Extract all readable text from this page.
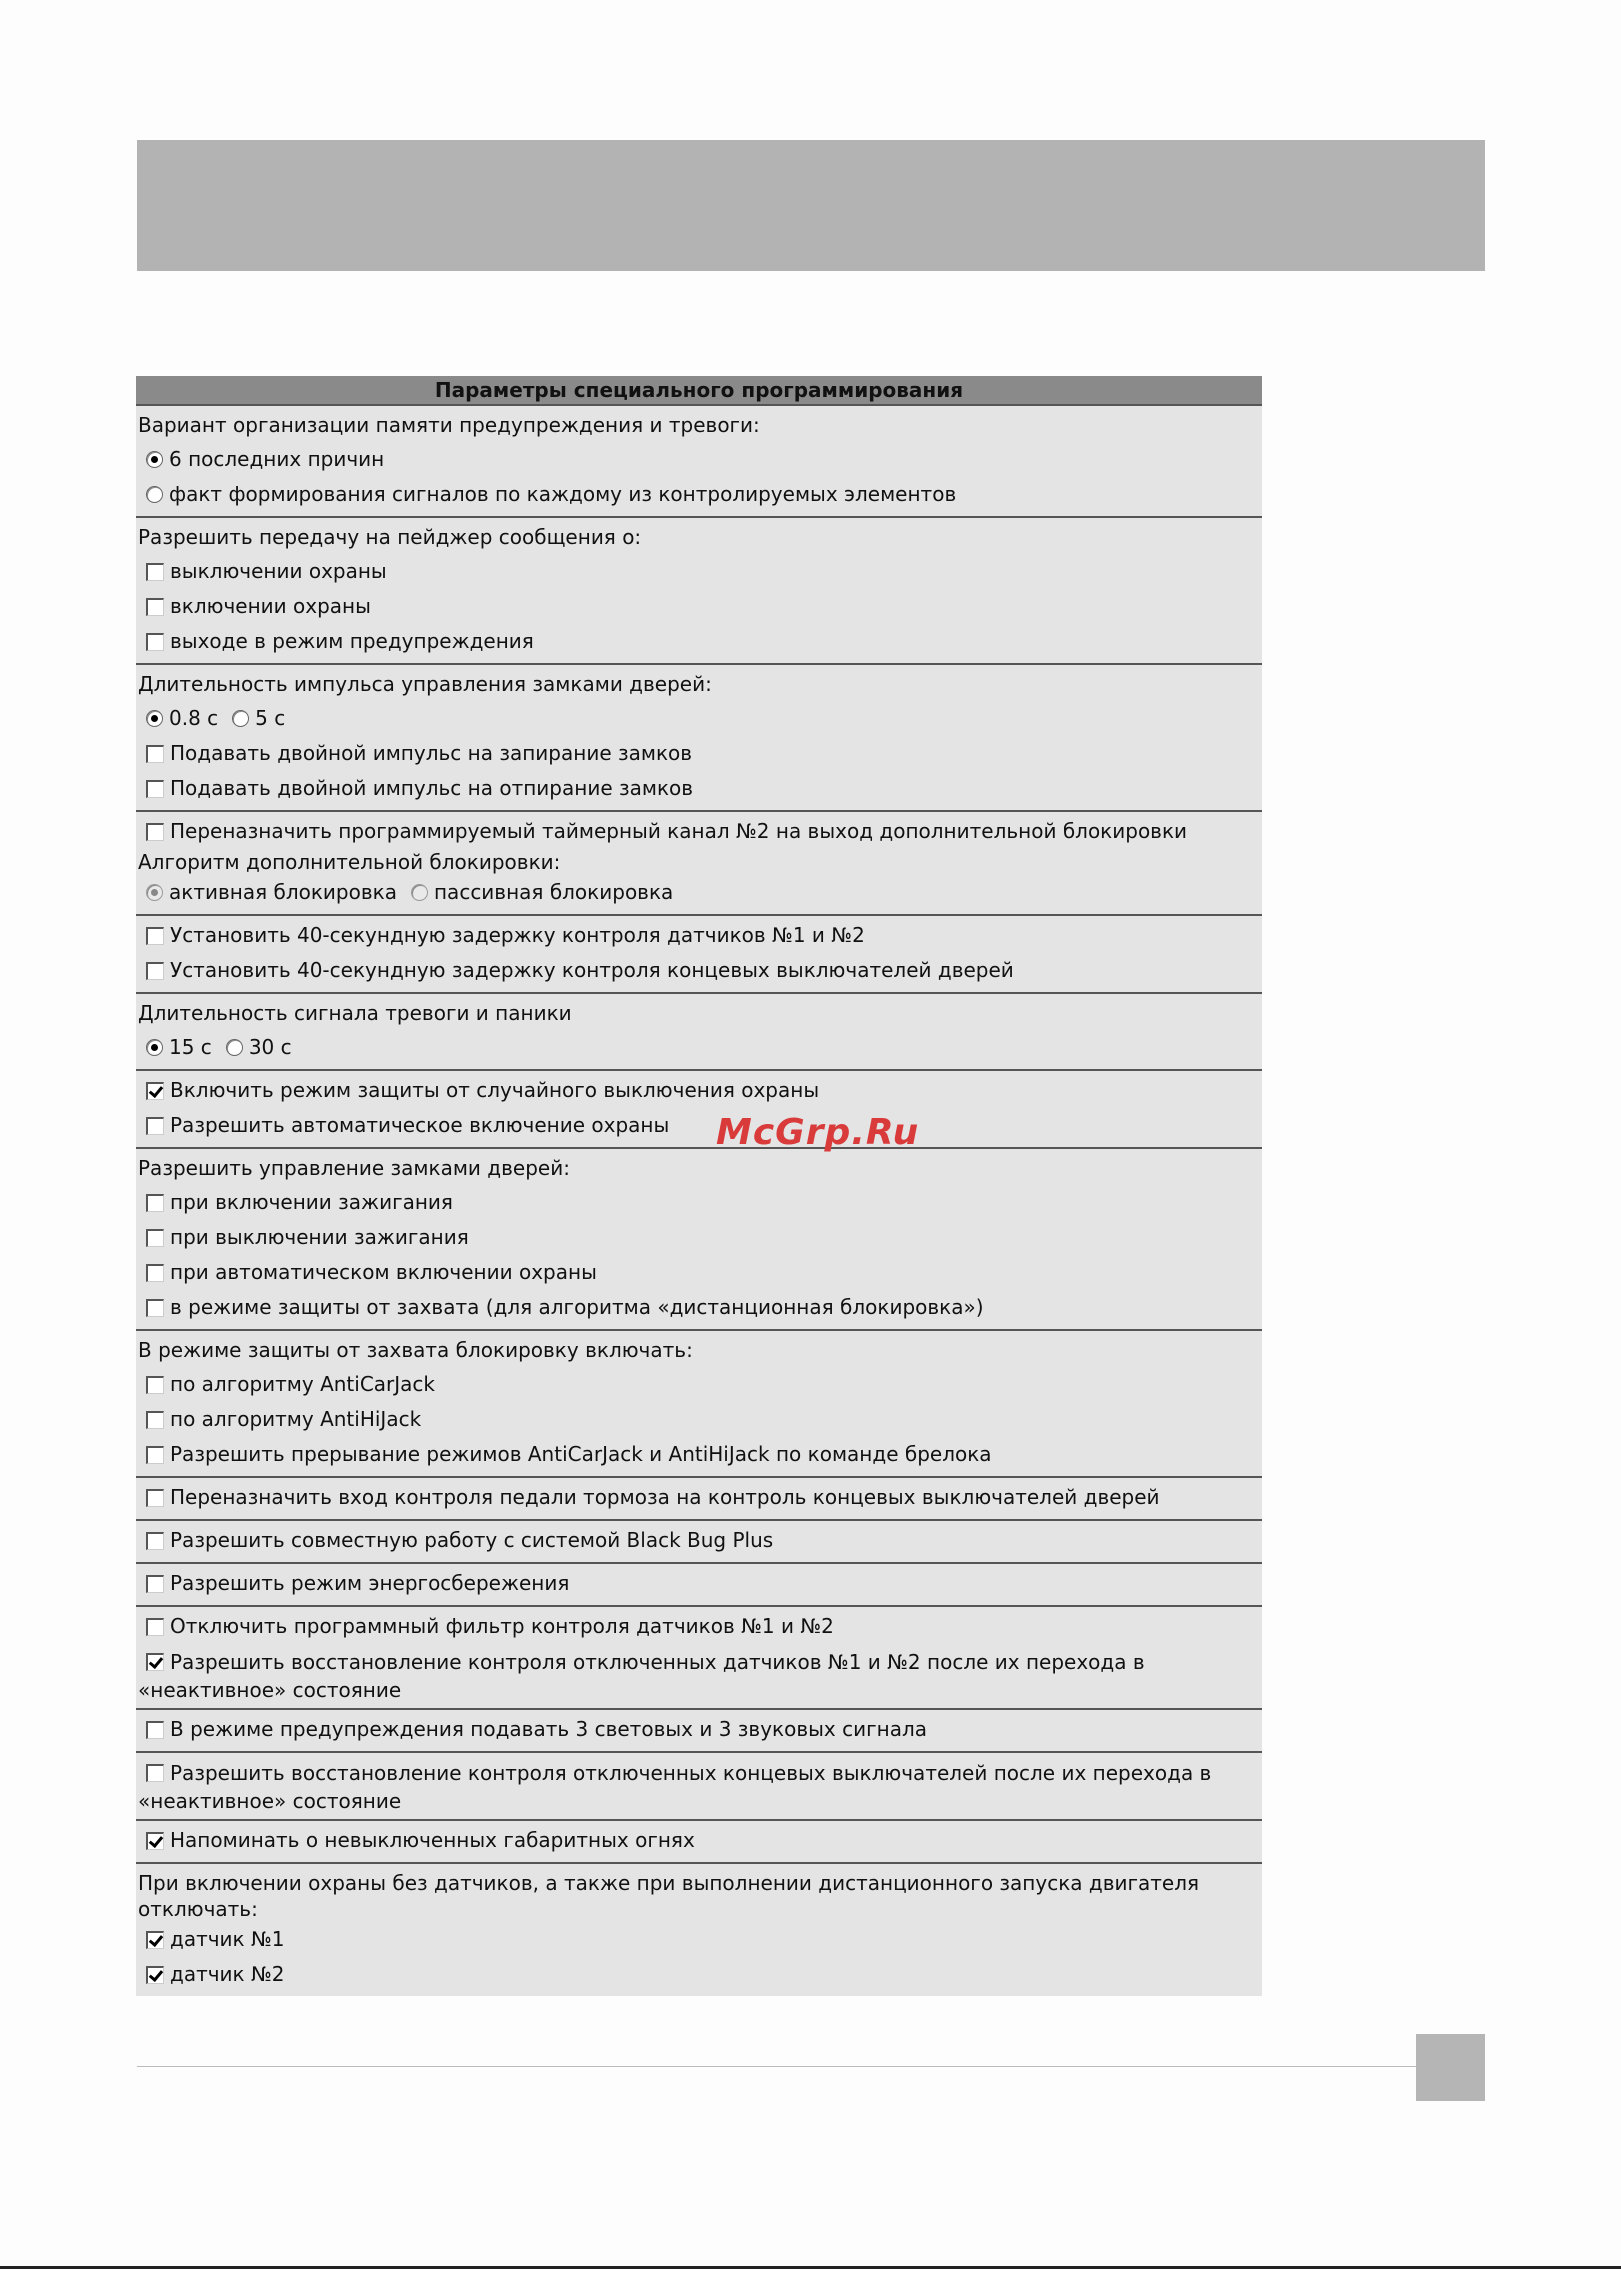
Параметры специального программирования
Вариант организации памяти предупреждения и тревоги:
6 последних причин
факт формирования сигналов по каждому из контролируемых элементов
Разрешить передачу на пейджер сообщения о:
выключении охраны
включении охраны
выходе в режим предупреждения
Длительность импульса управления замками дверей:
0.8 с 5 с
Подавать двойной импульс на запирание замков
Подавать двойной импульс на отпирание замков
Переназначить программируемый таймерный канал №2 на выход дополнительной блокировки
Алгоритм дополнительной блокировки:
активная блокировка пассивная блокировка
Установить 40-секундную задержку контроля датчиков №1 и №2
Установить 40-секундную задержку контроля концевых выключателей дверей
Длительность сигнала тревоги и паники
15 с 30 с
Включить режим защиты от случайного выключения охраны
Разрешить автоматическое включение охраны
Разрешить управление замками дверей:
при включении зажигания
при выключении зажигания
при автоматическом включении охраны
в режиме защиты от захвата (для алгоритма «дистанционная блокировка»)
В режиме защиты от захвата блокировку включать:
по алгоритму AntiCarJack
по алгоритму AntiHiJack
Разрешить прерывание режимов AntiCarJack и AntiHiJack по команде брелока
Переназначить вход контроля педали тормоза на контроль концевых выключателей дверей
Разрешить совместную работу с системой Black Bug Plus
Разрешить режим энергосбережения
Отключить программный фильтр контроля датчиков №1 и №2
Разрешить восстановление контроля отключенных датчиков №1 и №2 после их перехода в «неактивное» состояние
В режиме предупреждения подавать 3 световых и 3 звуковых сигнала
Разрешить восстановление контроля отключенных концевых выключателей после их перехода в «неактивное» состояние
Напоминать о невыключенных габаритных огнях
При включении охраны без датчиков, а также при выполнении дистанционного запуска двигателя отключать:
датчик №1
датчик №2
McGrp.Ru
